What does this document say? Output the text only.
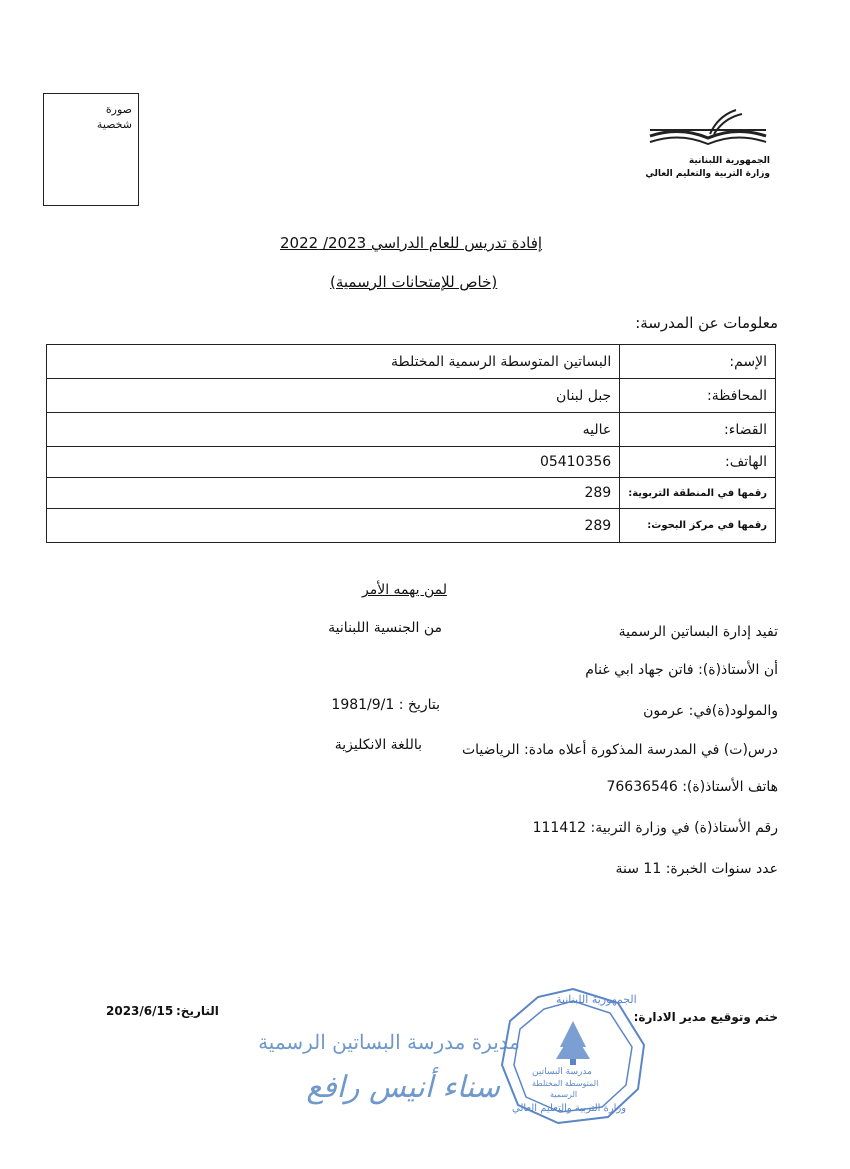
صورة
شخصية
الجمهورية اللبنانية
وزارة التربية والتعليم العالي
إفادة تدريس للعام الدراسي 2023/ 2022
(خاص للإمتحانات الرسمية)
معلومات عن المدرسة:
البساتين المتوسطة الرسمية المختلطة	الإسم:
جبل لبنان	المحافظة:
عاليه	القضاء:
05410356	الهاتف:
289	رقمها في المنطقة التربوية:
289	رقمها في مركز البحوث:
لمن يهمه الأمر
تفيد إدارة البساتين الرسمية
من الجنسية اللبنانية
أن الأستاذ(ة): فاتن جهاد ابي غنام
والمولود(ة)في: عرمون
بتاريخ : 1981/9/1
درس(ت) في المدرسة المذكورة أعلاه مادة: الرياضيات
باللغة الانكليزية
هاتف الأستاذ(ة): 76636546
رقم الأستاذ(ة) في وزارة التربية: 111412
عدد سنوات الخبرة: 11 سنة
ختم وتوقيع مدير الادارة:
التاريخ:
2023/6/15
مديرة مدرسة البساتين الرسمية
سناء أنيس رافع
الجمهورية اللبنانية
مدرسة البساتين
المتوسطة المختلطة
الرسمية
وزارة التربية والتعليم العالي
